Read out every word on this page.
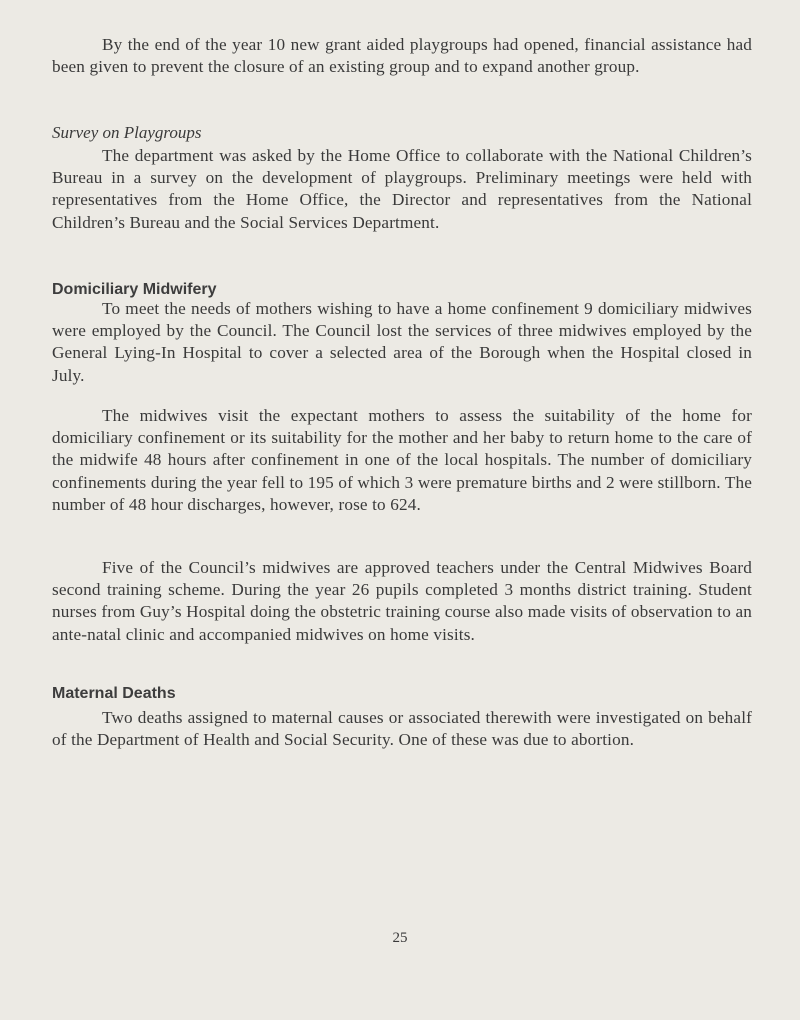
By the end of the year 10 new grant aided playgroups had opened, financial assistance had been given to prevent the closure of an existing group and to expand another group.

Survey on Playgroups

The department was asked by the Home Office to collaborate with the National Children’s Bureau in a survey on the development of playgroups. Preliminary meetings were held with representatives from the Home Office, the Director and representatives from the National Children’s Bureau and the Social Services Department.

Domiciliary Midwifery

To meet the needs of mothers wishing to have a home confinement 9 domiciliary midwives were employed by the Council. The Council lost the services of three midwives employed by the General Lying-In Hospital to cover a selected area of the Borough when the Hospital closed in July.

The midwives visit the expectant mothers to assess the suitability of the home for domiciliary confinement or its suitability for the mother and her baby to return home to the care of the midwife 48 hours after confinement in one of the local hospitals. The number of domiciliary confinements during the year fell to 195 of which 3 were premature births and 2 were stillborn. The number of 48 hour discharges, however, rose to 624.

Five of the Council’s midwives are approved teachers under the Central Midwives Board second training scheme. During the year 26 pupils completed 3 months district training. Student nurses from Guy’s Hospital doing the obstetric training course also made visits of observation to an ante-natal clinic and accompanied midwives on home visits.

Maternal Deaths

Two deaths assigned to maternal causes or associated therewith were investigated on behalf of the Department of Health and Social Security. One of these was due to abortion.

25
